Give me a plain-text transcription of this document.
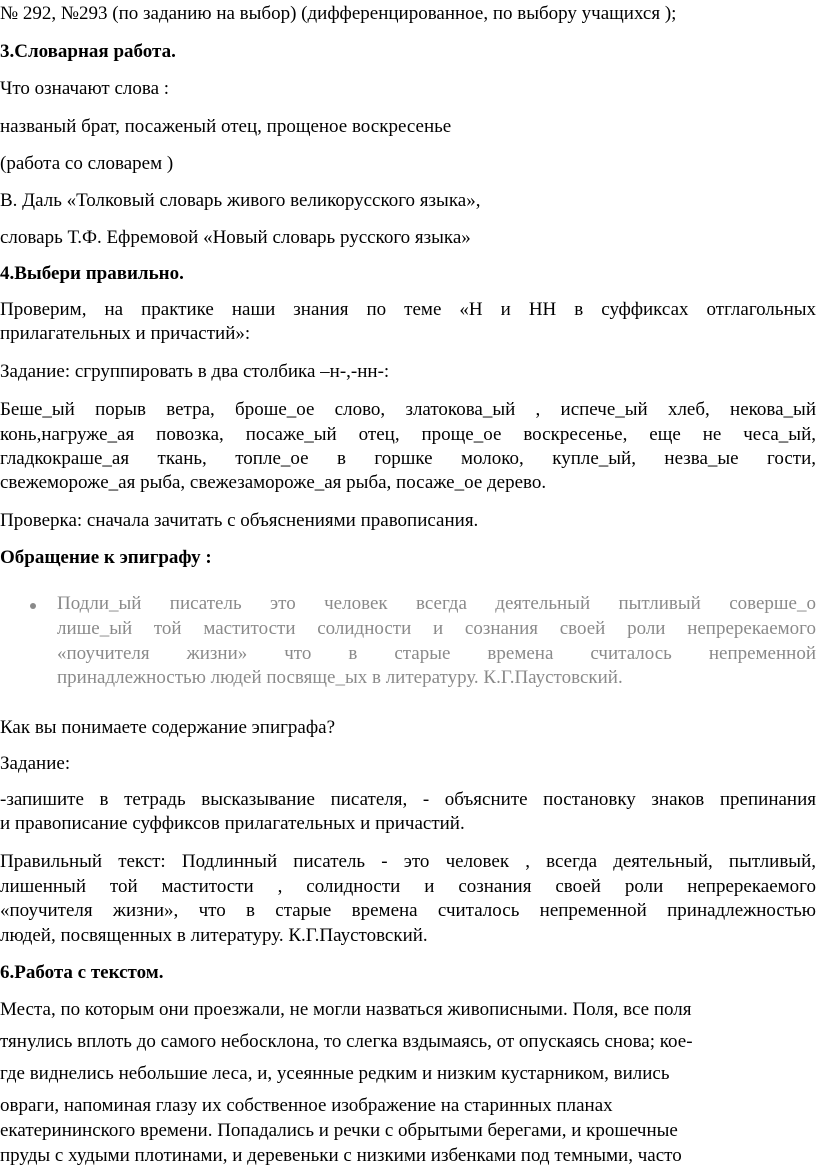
№ 292, №293 (по заданию на выбор) (дифференцированное, по выбору учащихся );
3.Словарная работа.
Что означают слова :
названый брат, посаженый отец, прощеное воскресенье
(работа со словарем )
В. Даль «Толковый словарь живого великорусского языка»,
словарь Т.Ф. Ефремовой «Новый словарь русского языка»
4.Выбери правильно.
Проверим, на практике наши знания по теме «Н и НН в суффиксах отглагольных
прилагательных и причастий»:
Задание: сгруппировать в два столбика –н-,-нн-:
Беше_ый порыв ветра, броше_ое слово, златокова_ый , испече_ый хлеб, некова_ый
конь,нагруже_ая повозка, посаже_ый отец, проще_ое воскресенье, еще не чеса_ый,
гладкокраше_ая ткань, топле_ое в горшке молоко, купле_ый, незва_ые гости,
свежеморожe_ая рыба, свежезаморожe_ая рыба, посаже_ое дерево.
Проверка: сначала зачитать с объяснениями правописания.
Обращение к эпиграфу :
Подли_ый писатель это человек всегда деятельный пытливый соверше_о
лише_ый той маститости солидности и сознания своей роли непререкаемого
«поучителя жизни» что в старые времена считалось непременной
принадлежностью людей посвяще_ых в литературу. К.Г.Паустовский.
Как вы понимаете содержание эпиграфа?
Задание:
-запишите в тетрадь высказывание писателя, - объясните постановку знаков препинания
и правописание суффиксов прилагательных и причастий.
Правильный текст: Подлинный писатель - это человек , всегда деятельный, пытливый,
лишенный той маститости , солидности и сознания своей роли непререкаемого
«поучителя жизни», что в старые времена считалось непременной принадлежностью
людей, посвященных в литературу. К.Г.Паустовский.
6.Работа с текстом.
Места, по которым они проезжали, не могли назваться живописными. Поля, все поля
тянулись вплоть до самого небосклона, то слегка вздымаясь, от опускаясь снова; кое-
где виднелись небольшие леса, и, усеянные редким и низким кустарником, вились
овраги, напоминая глазу их собственное изображение на старинных планах
екатерининского времени. Попадались и речки с обрытыми берегами, и крошечные
пруды с худыми плотинами, и деревеньки с низкими избенками под темными, часто
